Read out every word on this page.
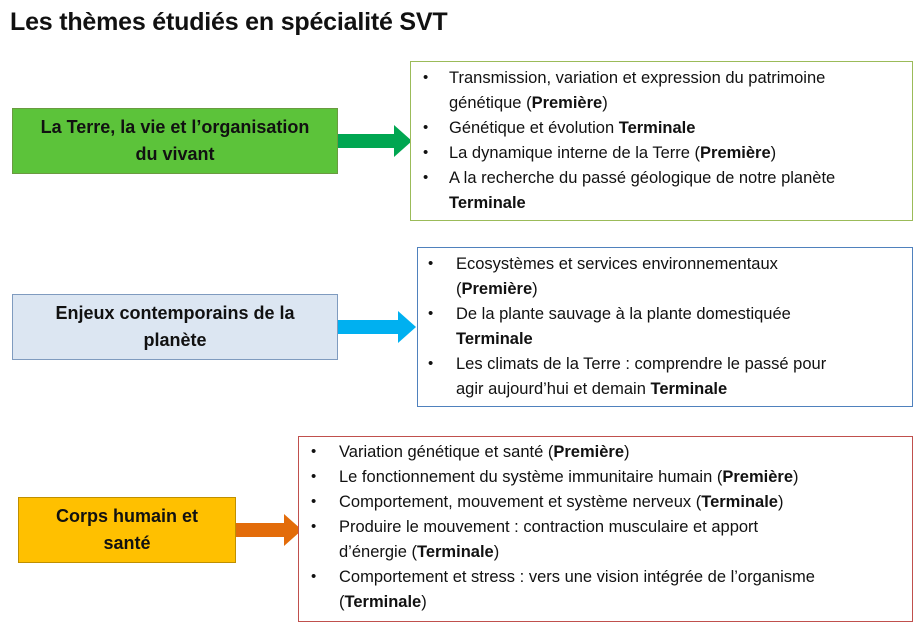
Les thèmes étudiés en spécialité SVT
La Terre, la vie et l’organisation
du vivant
• Transmission, variation et expression du patrimoine
génétique (Première)
• Génétique et évolution Terminale
• La dynamique interne de la Terre (Première)
• A la recherche du passé géologique de notre planète
Terminale
Enjeux contemporains de la
planète
• Ecosystèmes et services environnementaux
(Première)
• De la plante sauvage à la plante domestiquée
Terminale
• Les climats de la Terre : comprendre le passé pour
agir aujourd’hui et demain Terminale
Corps humain et
santé
• Variation génétique et santé (Première)
• Le fonctionnement du système immunitaire humain (Première)
• Comportement, mouvement et système nerveux (Terminale)
• Produire le mouvement : contraction musculaire et apport
d’énergie (Terminale)
• Comportement et stress : vers une vision intégrée de l’organisme
(Terminale)
